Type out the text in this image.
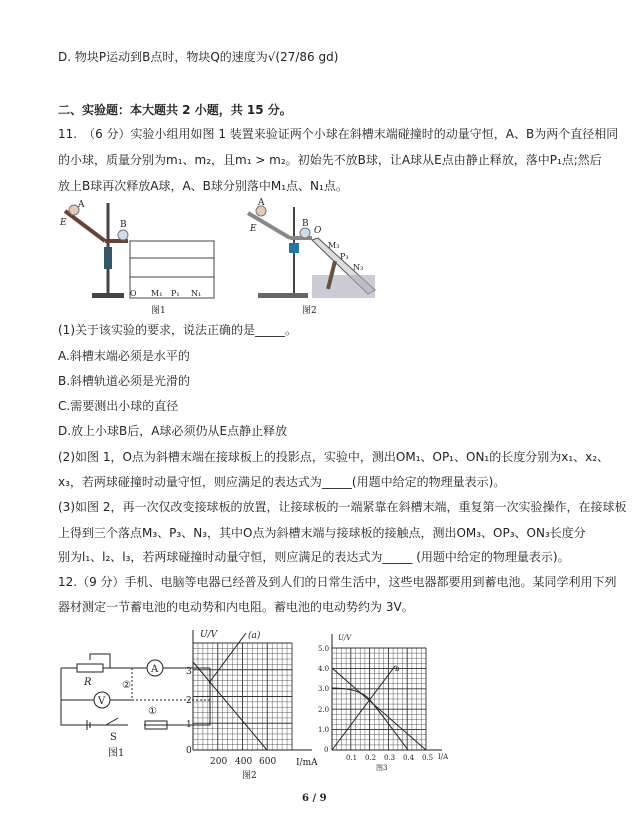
D. 物块P运动到B点时，物块Q的速度为√(27/86 gd)
二、实验题：本大题共 2 小题，共 15 分。
11.　（6 分）实验小组用如图 1 装置来验证两个小球在斜槽末端碰撞时的动量守恒，A、B为两个直径相同
的小球，质量分别为m₁、m₂，且m₁ > m₂。初始先不放B球，让A球从E点由静止释放，落中P₁点;然后
放上B球再次释放A球，A、B球分别落中M₁点、N₁点。
A
B
E
O M₁ P₁ N₁
图1
A
B
E	O
M₃
P₃
N₃
图2
(1)关于该实验的要求，说法正确的是_____。
A.斜槽末端必须是水平的
B.斜槽轨道必须是光滑的
C.需要测出小球的直径
D.放上小球B后，A球必须仍从E点静止释放
(2)如图 1，O点为斜槽末端在接球板上的投影点，实验中，测出OM₁、OP₁、ON₁的长度分别为x₁、x₂、
x₃，若两球碰撞时动量守恒，则应满足的表达式为_____(用题中给定的物理量表示)。
(3)如图 2，再一次仅改变接球板的放置，让接球板的一端紧靠在斜槽末端，重复第一次实验操作，在接球板
上得到三个落点M₃、P₃、N₃，其中O点为斜槽末端与接球板的接触点，测出OM₃、OP₃、ON₃长度分
别为l₁、l₂、l₃，若两球碰撞时动量守恒，则应满足的表达式为_____ (用题中给定的物理量表示)。
12.（9 分）手机、电脑等电器已经普及到人们的日常生活中，这些电器都要用到蓄电池。某同学利用下列
器材测定一节蓄电池的电动势和内电阻。蓄电池的电动势约为 3V。
R
A
V
②
①
S
图1
U/V	(a)
I/mA
0
1
2
3
200 400 600
图2
U/V
b
I/A
0
1.0
2.0
3.0
4.0
5.0
0.1 0.2 0.3 0.4 0.5
图3
6 / 9
